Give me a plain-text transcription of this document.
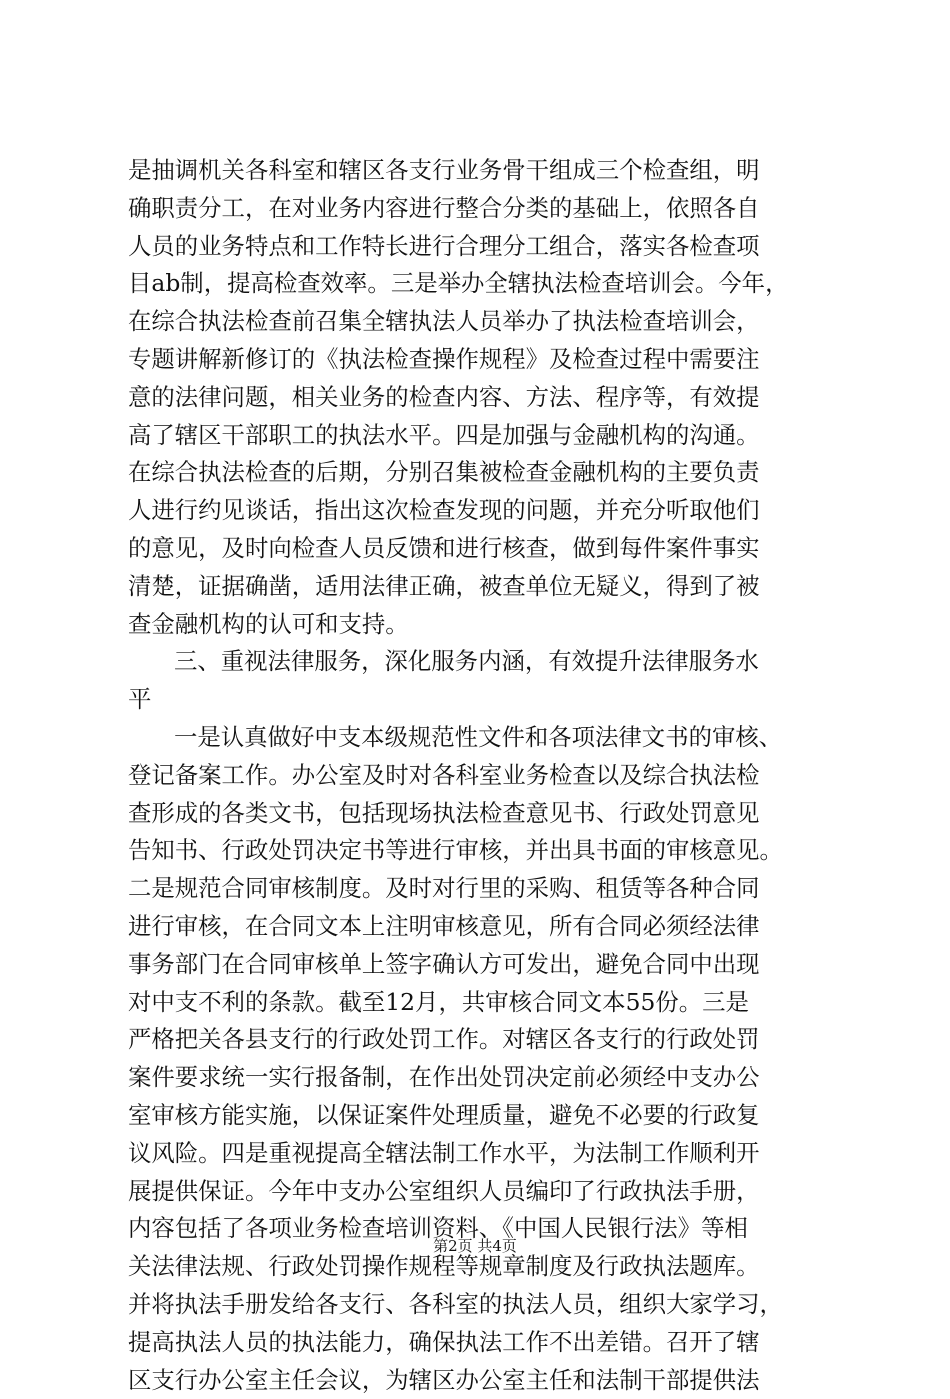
是抽调机关各科室和辖区各支行业务骨干组成三个检查组，明
确职责分工，在对业务内容进行整合分类的基础上，依照各自
人员的业务特点和工作特长进行合理分工组合，落实各检查项
目ab制，提高检查效率。三是举办全辖执法检查培训会。今年，
在综合执法检查前召集全辖执法人员举办了执法检查培训会，
专题讲解新修订的《执法检查操作规程》及检查过程中需要注
意的法律问题，相关业务的检查内容、方法、程序等，有效提
高了辖区干部职工的执法水平。四是加强与金融机构的沟通。
在综合执法检查的后期，分别召集被检查金融机构的主要负责
人进行约见谈话，指出这次检查发现的问题，并充分听取他们
的意见，及时向检查人员反馈和进行核查，做到每件案件事实
清楚，证据确凿，适用法律正确，被查单位无疑义，得到了被
查金融机构的认可和支持。
三、重视法律服务，深化服务内涵，有效提升法律服务水
平
一是认真做好中支本级规范性文件和各项法律文书的审核、
登记备案工作。办公室及时对各科室业务检查以及综合执法检
查形成的各类文书，包括现场执法检查意见书、行政处罚意见
告知书、行政处罚决定书等进行审核，并出具书面的审核意见。
二是规范合同审核制度。及时对行里的采购、租赁等各种合同
进行审核，在合同文本上注明审核意见，所有合同必须经法律
事务部门在合同审核单上签字确认方可发出，避免合同中出现
对中支不利的条款。截至12月，共审核合同文本55份。三是
严格把关各县支行的行政处罚工作。对辖区各支行的行政处罚
案件要求统一实行报备制，在作出处罚决定前必须经中支办公
室审核方能实施，以保证案件处理质量，避免不必要的行政复
议风险。四是重视提高全辖法制工作水平，为法制工作顺利开
展提供保证。今年中支办公室组织人员编印了行政执法手册，
内容包括了各项业务检查培训资料、《中国人民银行法》等相
关法律法规、行政处罚操作规程等规章制度及行政执法题库。
并将执法手册发给各支行、各科室的执法人员，组织大家学习，
提高执法人员的执法能力，确保执法工作不出差错。召开了辖
区支行办公室主任会议，为辖区办公室主任和法制干部提供法
第2页 共4页
